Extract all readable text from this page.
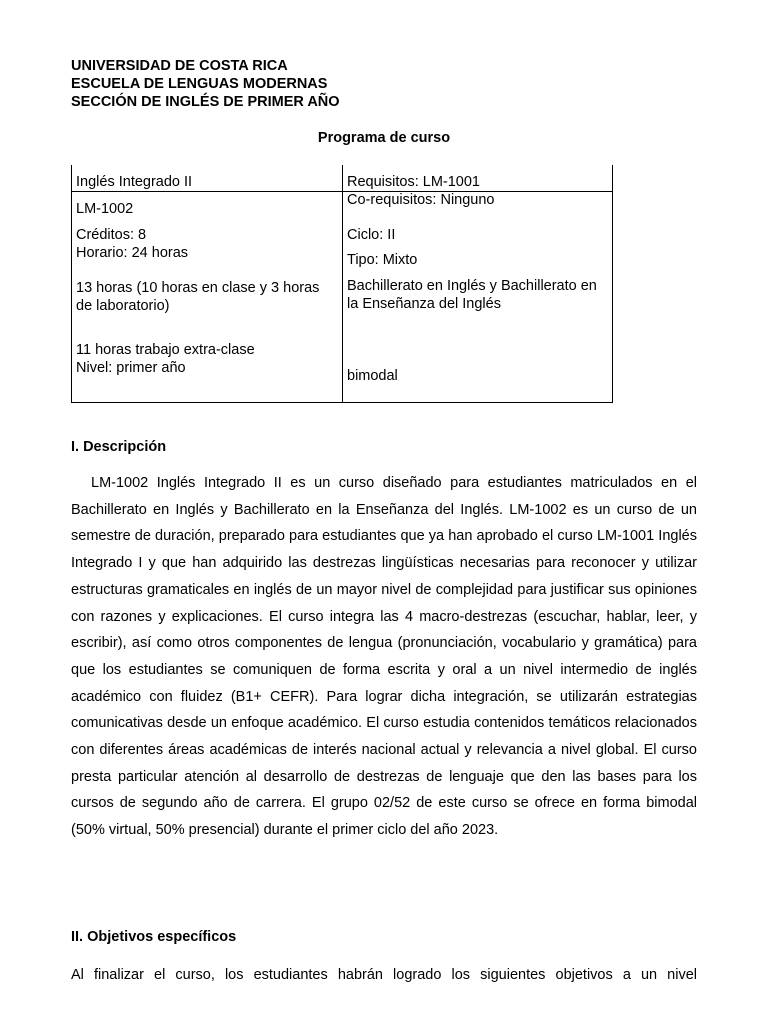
UNIVERSIDAD DE COSTA RICA
ESCUELA DE LENGUAS MODERNAS
SECCIÓN DE INGLÉS DE PRIMER AÑO
Programa de curso
Inglés Integrado II
LM-1002
Créditos: 8
Horario: 24 horas
13 horas (10 horas en clase y 3 horas
de laboratorio)
11 horas trabajo extra-clase
Nivel: primer año
Requisitos: LM-1001
Co-requisitos: Ninguno
Ciclo: II
Tipo: Mixto
Bachillerato en Inglés y Bachillerato en
la Enseñanza del Inglés
bimodal
I. Descripción
LM-1002 Inglés Integrado II es un curso diseñado para estudiantes matriculados en el Bachillerato en Inglés y Bachillerato en la Enseñanza del Inglés. LM-1002 es un curso de un semestre de duración, preparado para estudiantes que ya han aprobado el curso LM-1001 Inglés Integrado I y que han adquirido las destrezas lingüísticas necesarias para reconocer y utilizar estructuras gramaticales en inglés de un mayor nivel de complejidad para justificar sus opiniones con razones y explicaciones. El curso integra las 4 macro-destrezas (escuchar, hablar, leer, y escribir), así como otros componentes de lengua (pronunciación, vocabulario y gramática) para que los estudiantes se comuniquen de forma escrita y oral a un nivel intermedio de inglés académico con fluidez (B1+ CEFR). Para lograr dicha integración, se utilizarán estrategias comunicativas desde un enfoque académico. El curso estudia contenidos temáticos relacionados con diferentes áreas académicas de interés nacional actual y relevancia a nivel global. El curso presta particular atención al desarrollo de destrezas de lenguaje que den las bases para los cursos de segundo año de carrera. El grupo 02/52 de este curso se ofrece en forma bimodal (50% virtual, 50% presencial) durante el primer ciclo del año 2023.
II. Objetivos específicos
Al finalizar el curso, los estudiantes habrán logrado los siguientes objetivos a un nivel
